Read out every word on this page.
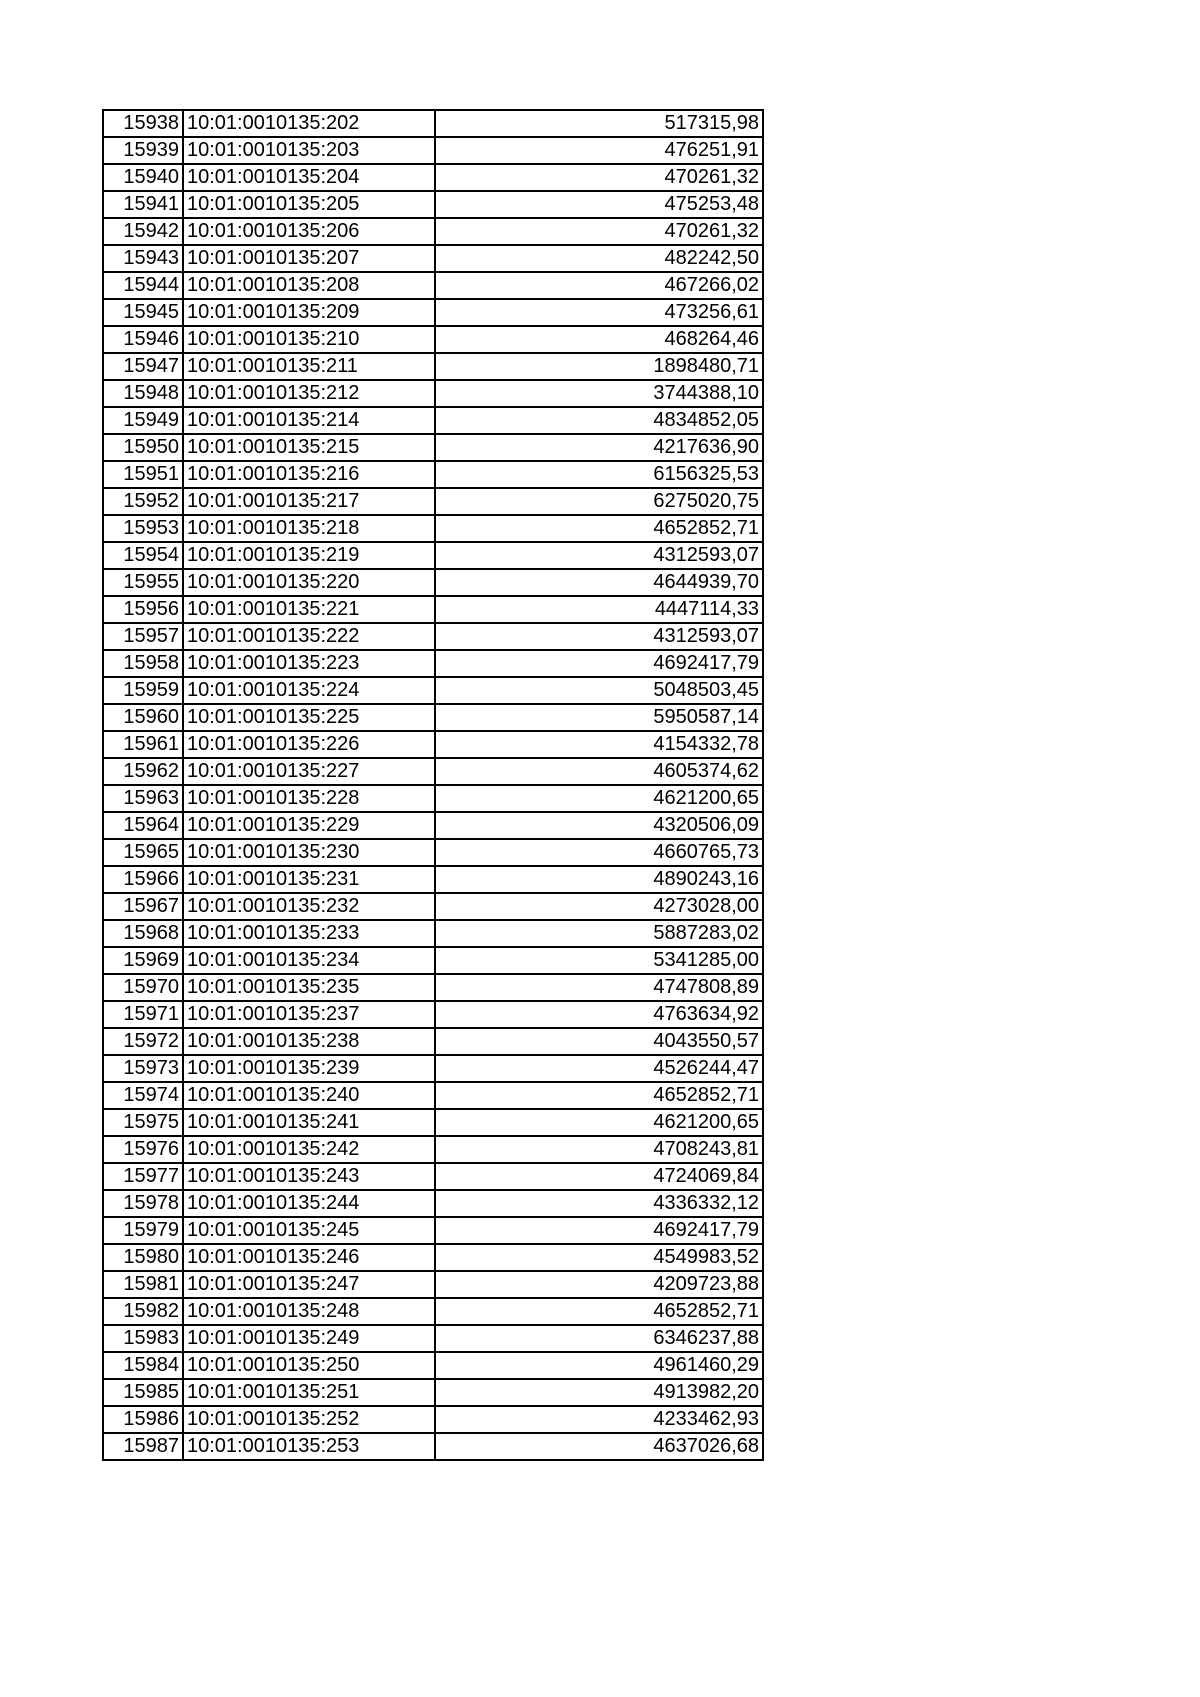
15938	10:01:0010135:202	517315,98
15939	10:01:0010135:203	476251,91
15940	10:01:0010135:204	470261,32
15941	10:01:0010135:205	475253,48
15942	10:01:0010135:206	470261,32
15943	10:01:0010135:207	482242,50
15944	10:01:0010135:208	467266,02
15945	10:01:0010135:209	473256,61
15946	10:01:0010135:210	468264,46
15947	10:01:0010135:211	1898480,71
15948	10:01:0010135:212	3744388,10
15949	10:01:0010135:214	4834852,05
15950	10:01:0010135:215	4217636,90
15951	10:01:0010135:216	6156325,53
15952	10:01:0010135:217	6275020,75
15953	10:01:0010135:218	4652852,71
15954	10:01:0010135:219	4312593,07
15955	10:01:0010135:220	4644939,70
15956	10:01:0010135:221	4447114,33
15957	10:01:0010135:222	4312593,07
15958	10:01:0010135:223	4692417,79
15959	10:01:0010135:224	5048503,45
15960	10:01:0010135:225	5950587,14
15961	10:01:0010135:226	4154332,78
15962	10:01:0010135:227	4605374,62
15963	10:01:0010135:228	4621200,65
15964	10:01:0010135:229	4320506,09
15965	10:01:0010135:230	4660765,73
15966	10:01:0010135:231	4890243,16
15967	10:01:0010135:232	4273028,00
15968	10:01:0010135:233	5887283,02
15969	10:01:0010135:234	5341285,00
15970	10:01:0010135:235	4747808,89
15971	10:01:0010135:237	4763634,92
15972	10:01:0010135:238	4043550,57
15973	10:01:0010135:239	4526244,47
15974	10:01:0010135:240	4652852,71
15975	10:01:0010135:241	4621200,65
15976	10:01:0010135:242	4708243,81
15977	10:01:0010135:243	4724069,84
15978	10:01:0010135:244	4336332,12
15979	10:01:0010135:245	4692417,79
15980	10:01:0010135:246	4549983,52
15981	10:01:0010135:247	4209723,88
15982	10:01:0010135:248	4652852,71
15983	10:01:0010135:249	6346237,88
15984	10:01:0010135:250	4961460,29
15985	10:01:0010135:251	4913982,20
15986	10:01:0010135:252	4233462,93
15987	10:01:0010135:253	4637026,68
